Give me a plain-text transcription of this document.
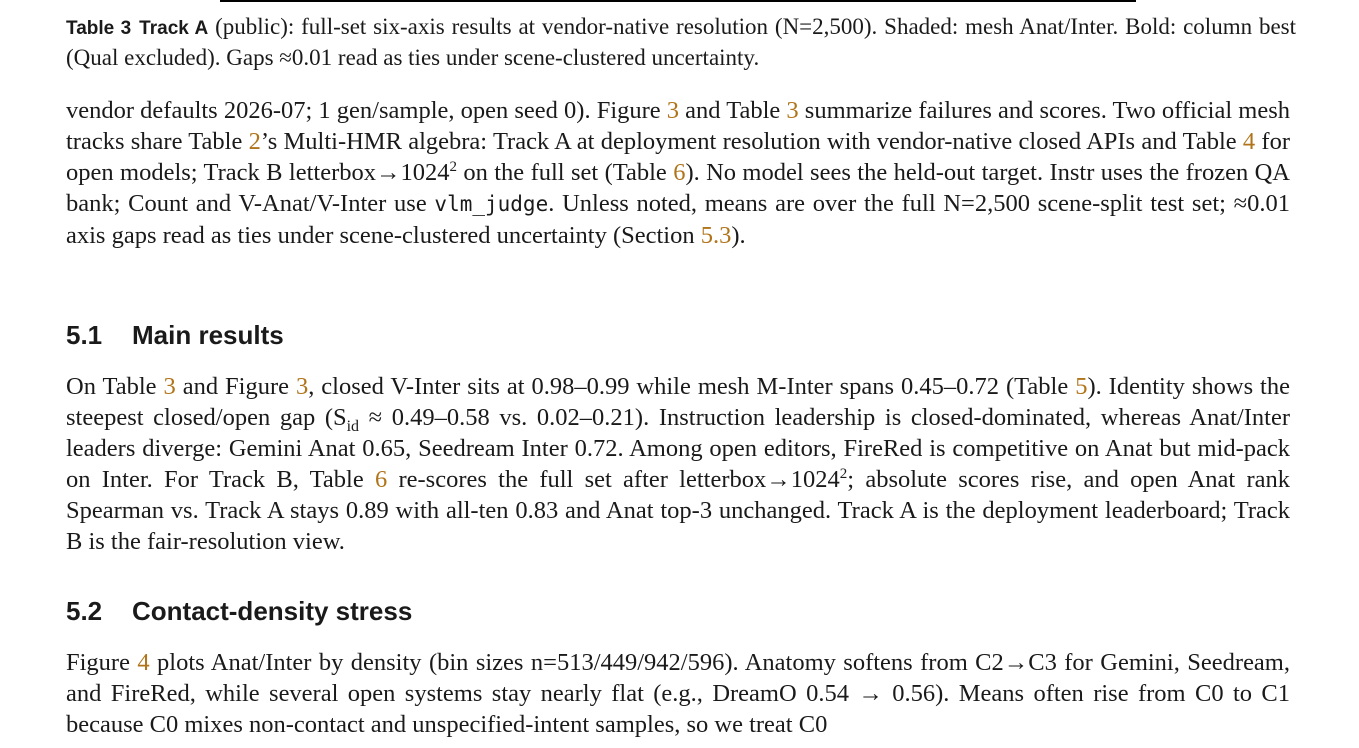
Table 3 Track A (public): full-set six-axis results at vendor-native resolution (N=2,500). Shaded: mesh Anat/Inter. Bold: column best (Qual excluded). Gaps ≈0.01 read as ties under scene-clustered uncertainty.

vendor defaults 2026-07; 1 gen/sample, open seed 0). Figure 3 and Table 3 summarize failures and scores. Two official mesh tracks share Table 2’s Multi-HMR algebra: Track A at deployment resolution with vendor-native closed APIs and Table 4 for open models; Track B $letterbox\to 1024^2$ on the full set (Table 6). No model sees the held-out target. Instr uses the frozen QA bank; Count and V-Anat/V-Inter use vlm_judge. Unless noted, means are over the full N=2,500 scene-split test set; ≈0.01 axis gaps read as ties under scene-clustered uncertainty (Section 5.3).

5.1 Main results

On Table 3 and Figure 3, closed V-Inter sits at 0.98–0.99 while mesh M-Inter spans 0.45–0.72 (Table 5). Identity shows the steepest closed/open gap ($S_{id} \approx 0.49-0.58$ vs. 0.02–0.21). Instruction leadership is closed-dominated, whereas Anat/Inter leaders diverge: Gemini Anat 0.65, Seedream Inter 0.72. Among open editors, FireRed is competitive on Anat but mid-pack on Inter. For Track B, Table 6 re-scores the full set after $letterbox\to 1024^2$; absolute scores rise, and open Anat rank Spearman vs. Track A stays 0.89 with all-ten 0.83 and Anat top-3 unchanged. Track A is the deployment leaderboard; Track B is the fair-resolution view.

5.2 Contact-density stress

Figure 4 plots Anat/Inter by density (bin sizes n=513/449/942/596). Anatomy softens from C2→C3 for Gemini, Seedream, and FireRed, while several open systems stay nearly flat (e.g., DreamO 0.54 → 0.56). Means often rise from C0 to C1 because C0 mixes non-contact and unspecified-intent samples, so we treat C0
